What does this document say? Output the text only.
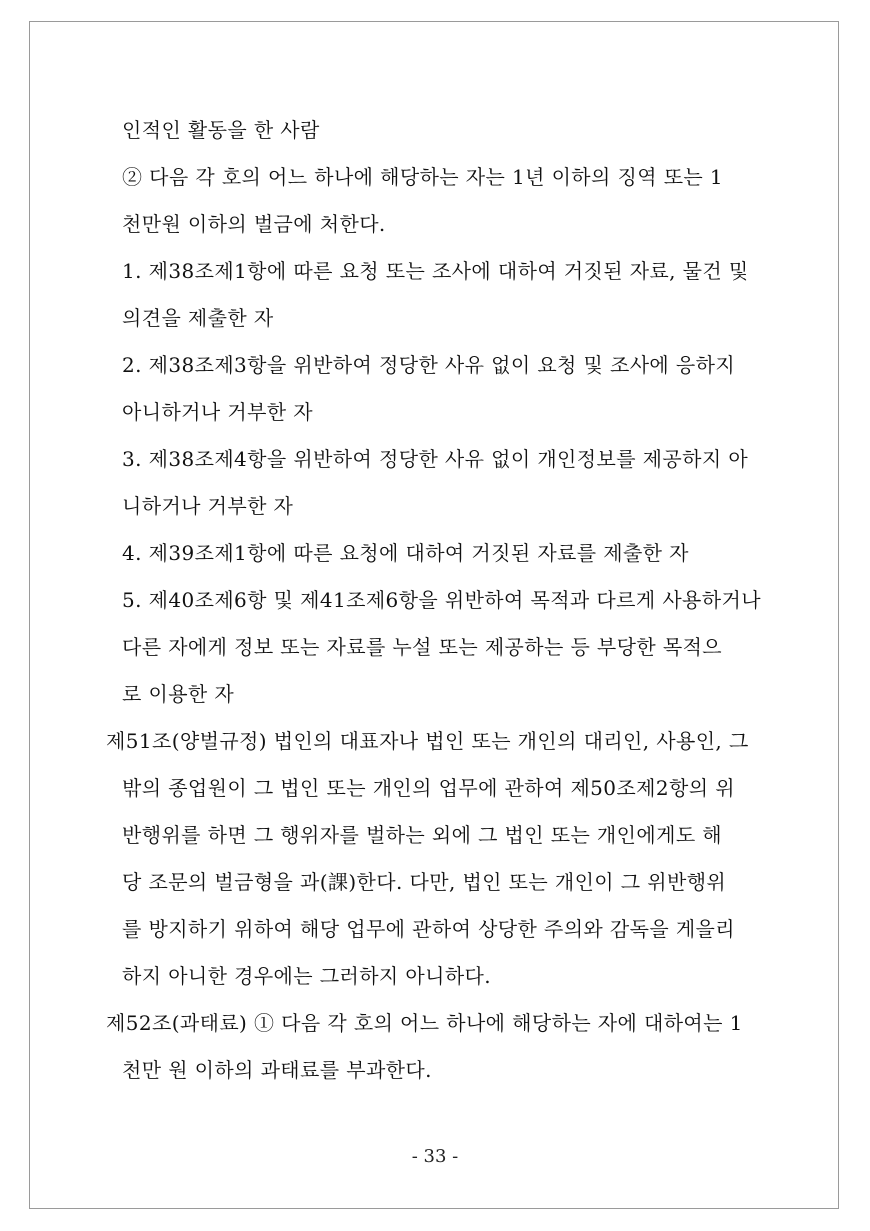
인적인 활동을 한 사람
② 다음 각 호의 어느 하나에 해당하는 자는 1년 이하의 징역 또는 1
천만원 이하의 벌금에 처한다.
1. 제38조제1항에 따른 요청 또는 조사에 대하여 거짓된 자료, 물건 및
의견을 제출한 자
2. 제38조제3항을 위반하여 정당한 사유 없이 요청 및 조사에 응하지
아니하거나 거부한 자
3. 제38조제4항을 위반하여 정당한 사유 없이 개인정보를 제공하지 아
니하거나 거부한 자
4. 제39조제1항에 따른 요청에 대하여 거짓된 자료를 제출한 자
5. 제40조제6항 및 제41조제6항을 위반하여 목적과 다르게 사용하거나
다른 자에게 정보 또는 자료를 누설 또는 제공하는 등 부당한 목적으
로 이용한 자
제51조(양벌규정) 법인의 대표자나 법인 또는 개인의 대리인, 사용인, 그
밖의 종업원이 그 법인 또는 개인의 업무에 관하여 제50조제2항의 위
반행위를 하면 그 행위자를 벌하는 외에 그 법인 또는 개인에게도 해
당 조문의 벌금형을 과(課)한다. 다만, 법인 또는 개인이 그 위반행위
를 방지하기 위하여 해당 업무에 관하여 상당한 주의와 감독을 게을리
하지 아니한 경우에는 그러하지 아니하다.
제52조(과태료) ① 다음 각 호의 어느 하나에 해당하는 자에 대하여는 1
천만 원 이하의 과태료를 부과한다.
- 33 -
